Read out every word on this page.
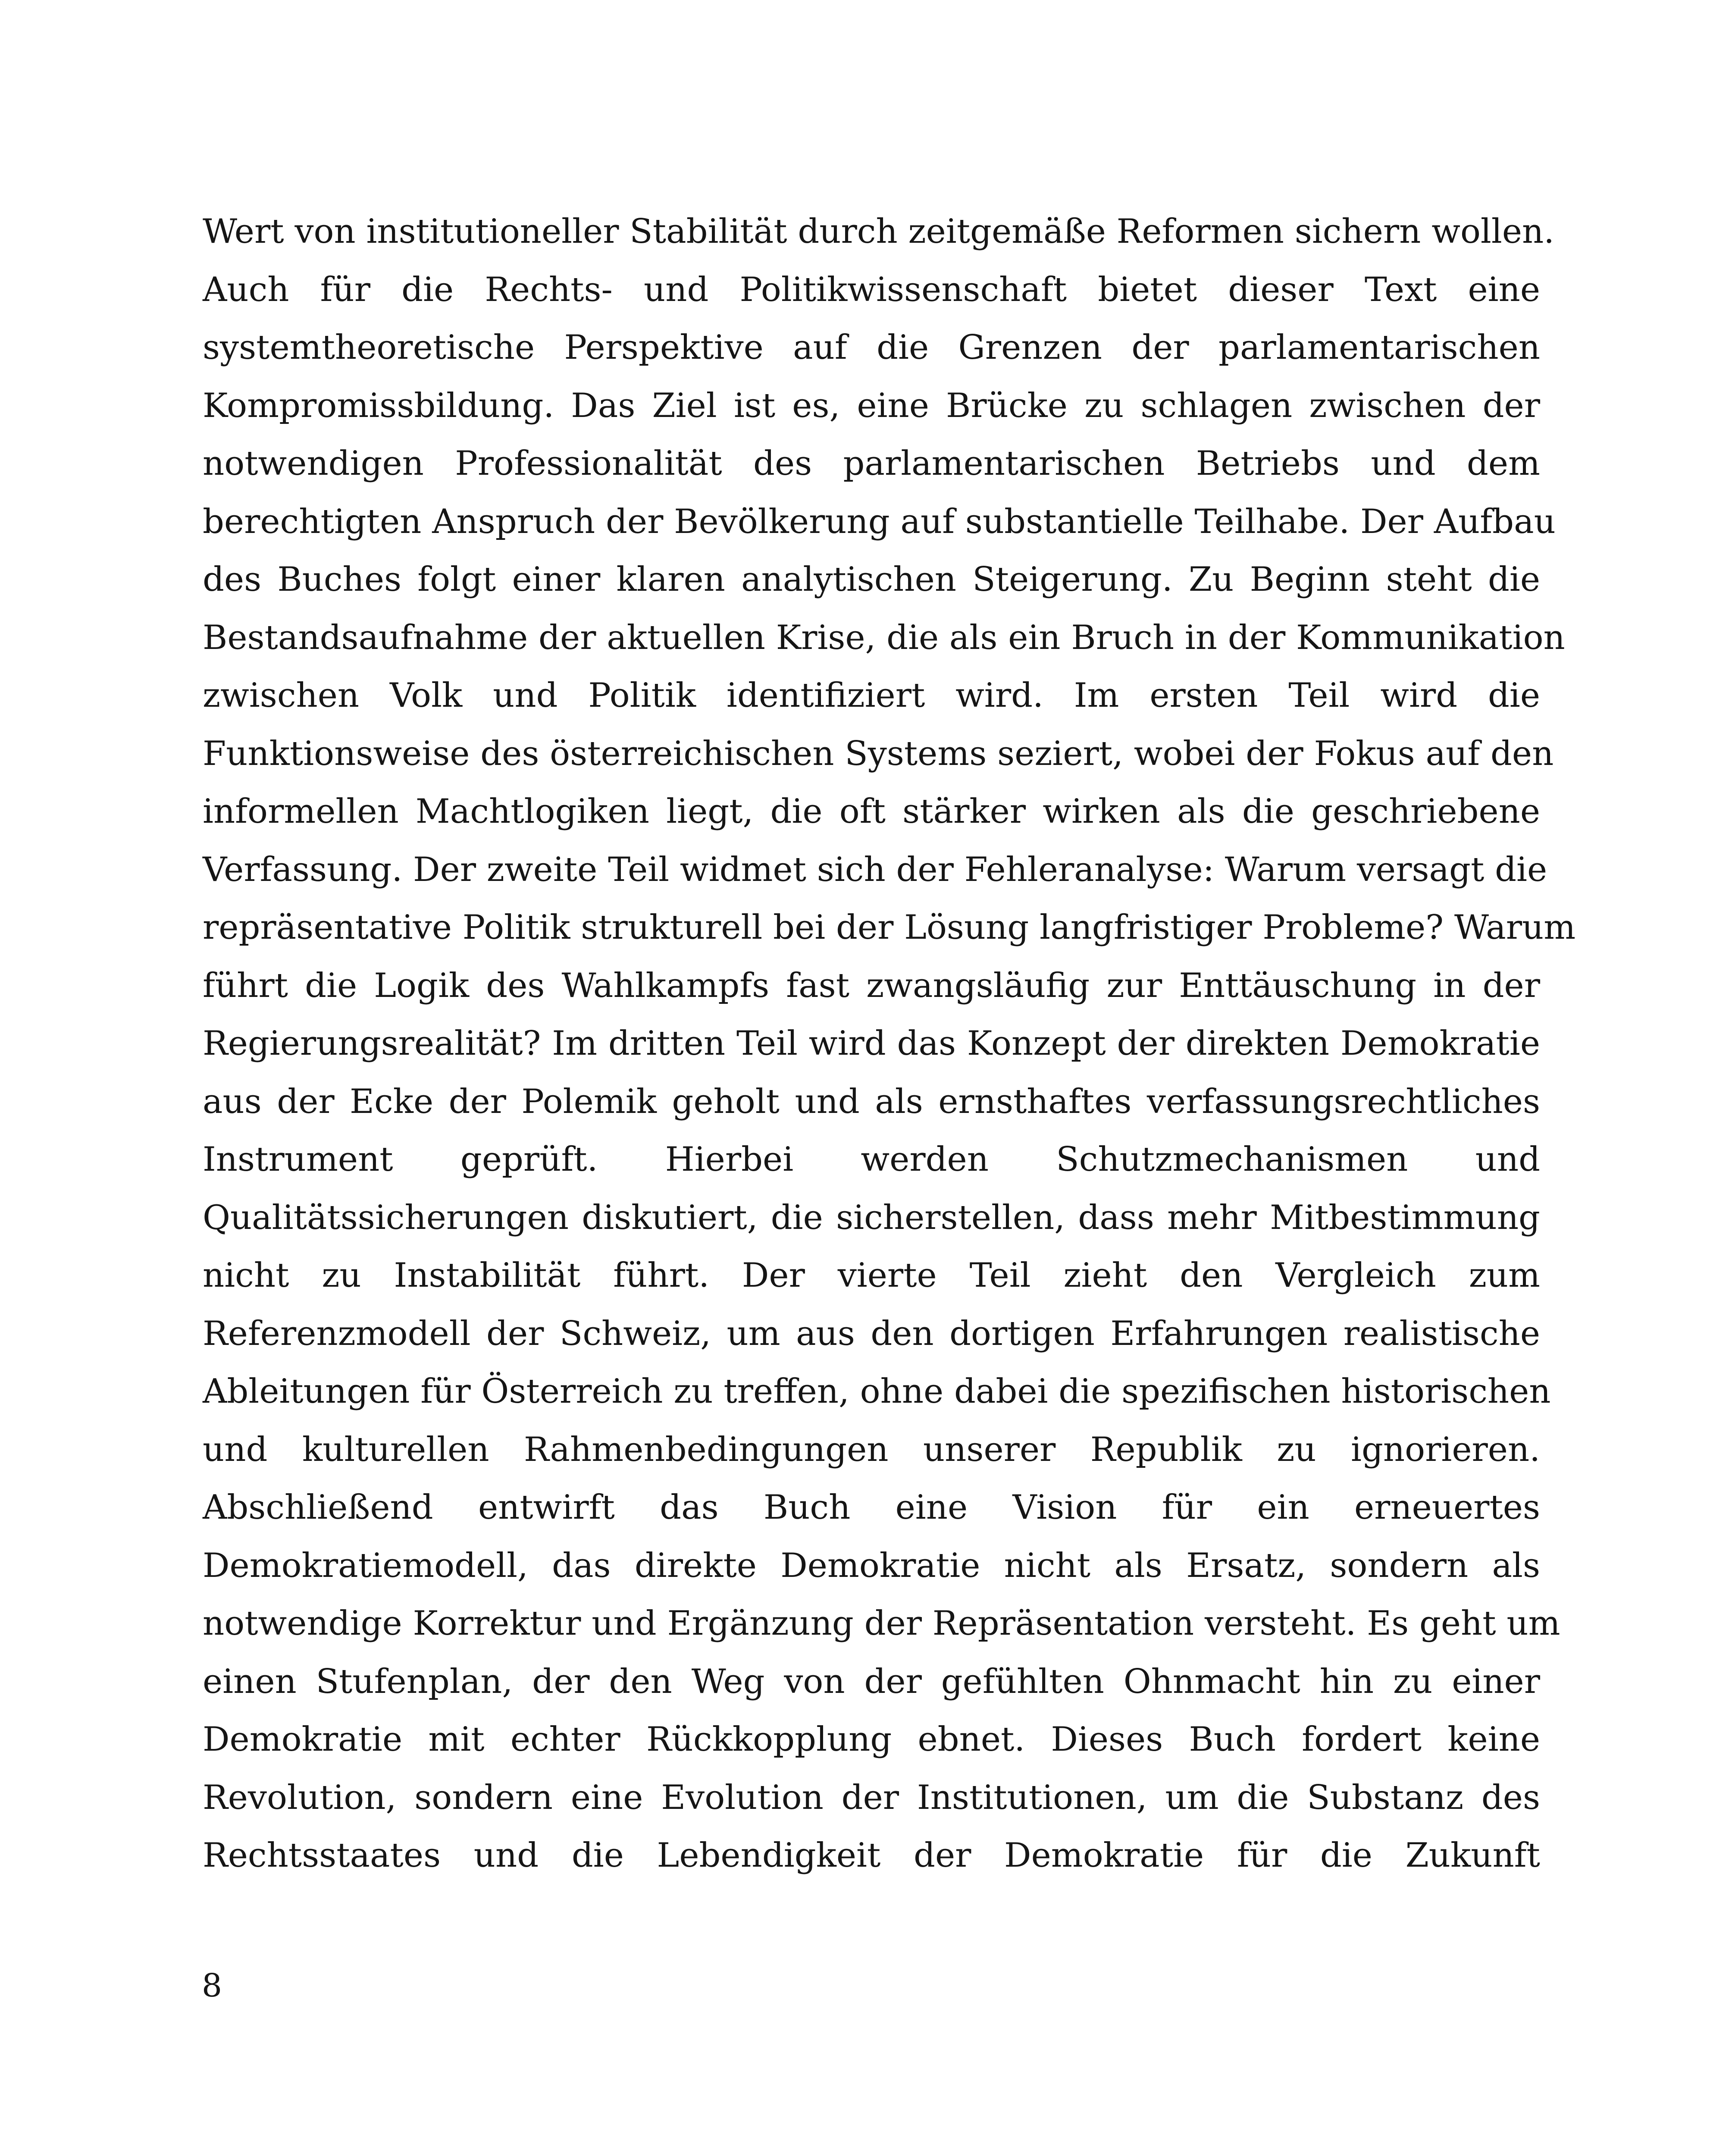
Wert von institutioneller Stabilität durch zeitgemäße Reformen sichern wollen.
Auch für die Rechts- und Politikwissenschaft bietet dieser Text eine
systemtheoretische Perspektive auf die Grenzen der parlamentarischen
Kompromissbildung. Das Ziel ist es, eine Brücke zu schlagen zwischen der
notwendigen Professionalität des parlamentarischen Betriebs und dem
berechtigten Anspruch der Bevölkerung auf substantielle Teilhabe. Der Aufbau
des Buches folgt einer klaren analytischen Steigerung. Zu Beginn steht die
Bestandsaufnahme der aktuellen Krise, die als ein Bruch in der Kommunikation
zwischen Volk und Politik identifiziert wird. Im ersten Teil wird die
Funktionsweise des österreichischen Systems seziert, wobei der Fokus auf den
informellen Machtlogiken liegt, die oft stärker wirken als die geschriebene
Verfassung. Der zweite Teil widmet sich der Fehleranalyse: Warum versagt die
repräsentative Politik strukturell bei der Lösung langfristiger Probleme? Warum
führt die Logik des Wahlkampfs fast zwangsläufig zur Enttäuschung in der
Regierungsrealität? Im dritten Teil wird das Konzept der direkten Demokratie
aus der Ecke der Polemik geholt und als ernsthaftes verfassungsrechtliches
Instrument geprüft. Hierbei werden Schutzmechanismen und
Qualitätssicherungen diskutiert, die sicherstellen, dass mehr Mitbestimmung
nicht zu Instabilität führt. Der vierte Teil zieht den Vergleich zum
Referenzmodell der Schweiz, um aus den dortigen Erfahrungen realistische
Ableitungen für Österreich zu treffen, ohne dabei die spezifischen historischen
und kulturellen Rahmenbedingungen unserer Republik zu ignorieren.
Abschließend entwirft das Buch eine Vision für ein erneuertes
Demokratiemodell, das direkte Demokratie nicht als Ersatz, sondern als
notwendige Korrektur und Ergänzung der Repräsentation versteht. Es geht um
einen Stufenplan, der den Weg von der gefühlten Ohnmacht hin zu einer
Demokratie mit echter Rückkopplung ebnet. Dieses Buch fordert keine
Revolution, sondern eine Evolution der Institutionen, um die Substanz des
Rechtsstaates und die Lebendigkeit der Demokratie für die Zukunft
8
